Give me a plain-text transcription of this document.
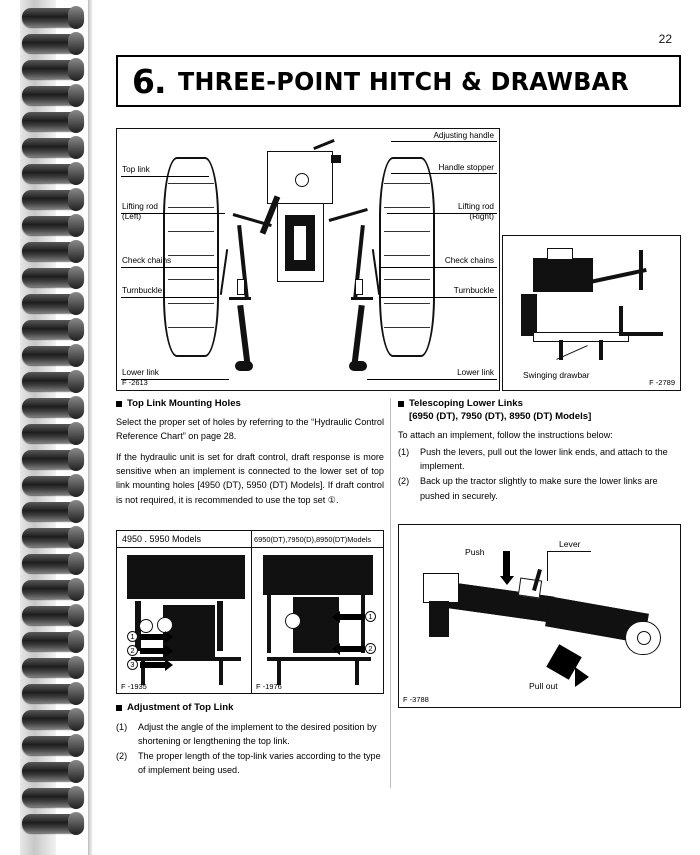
22
6. THREE-POINT HITCH & DRAWBAR
Top link
Lifting rod
(Left)
Check chains
Turnbuckle
Lower link
Adjusting handle
Handle stopper
Lifting rod
(Right)
Check chains
Turnbuckle
Lower link
F -2613
Swinging drawbar
F -2789
Top Link Mounting Holes
Select the proper set of holes by referring to the “Hydraulic Control Reference Chart” on page 28.
If the hydraulic unit is set for draft control, draft response is more sensitive when an implement is connected to the lower set of top link mounting holes [4950 (DT), 5950 (DT) Models]. If draft control is not required, it is recommended to use the top set ①.
4950 . 5950 Models	6950(DT),7950(D),8950(DT)Models
1
2
3
1
2
F -1935	F -1976
Adjustment of Top Link
(1)	Adjust the angle of the implement to the desired position by shortening or lengthening the top link.
(2)	The proper length of the top-link varies according to the type of implement being used.
Telescoping Lower Links
[6950 (DT), 7950 (DT), 8950 (DT) Models]
To attach an implement, follow the instructions below:
(1)	Push the levers, pull out the lower link ends, and attach to the implement.
(2)	Back up the tractor slightly to make sure the lower links are pushed in securely.
Push
Lever
Pull out
F -3788
